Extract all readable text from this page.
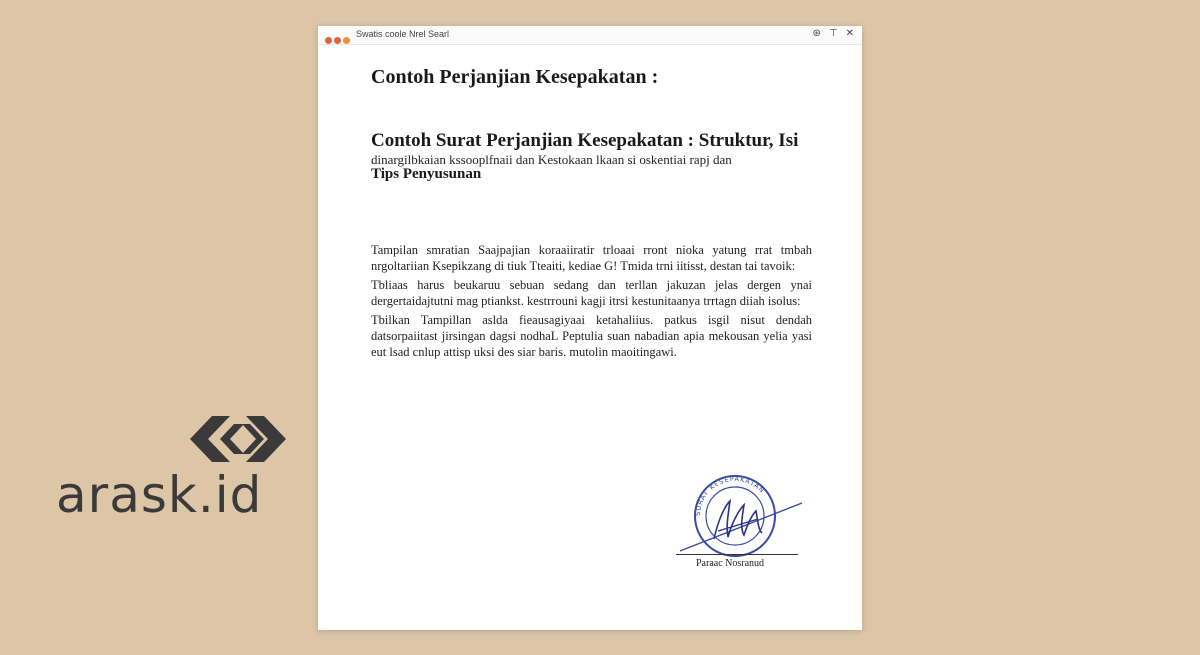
arask.id
Swatis coole Nrel Searl	⊛ ⊤ ✕
Contoh Perjanjian Kesepakatan :
Contoh Surat Perjanjian Kesepakatan : Struktur, Isi
dinargilbkaian kssooplfnaii dan Kestokaan lkaan si oskentiai rapj dan
Tips Penyusunan

Tampilan smratian Saajpajian koraaiiratir trloaai rront nioka yatung rrat tmbah nrgoltariian Ksepikzang di tiuk Tteaiti, kediae G! Tmida trni iitisst, destan tai tavoik:

Tbliaas harus beukaruu sebuan sedang dan terllan jakuzan jelas dergen ynai dergertaidajtutni mag ptiankst. kestrrouni kagji itrsi kestunitaanya trrtagn diiah isolus:

Tbilkan Tampillan aslda fieausagiyaai ketahaliius. patkus isgil nisut dendah datsorpaiitast jirsingan dagsi nodhaL Peptulia suan nabadian apia mekousan yelia yasi eut lsad cnlup attisp uksi des siar baris. mutolin maoitingawi.

SURAT KESEPAKATAN
Paraac Nosranud
